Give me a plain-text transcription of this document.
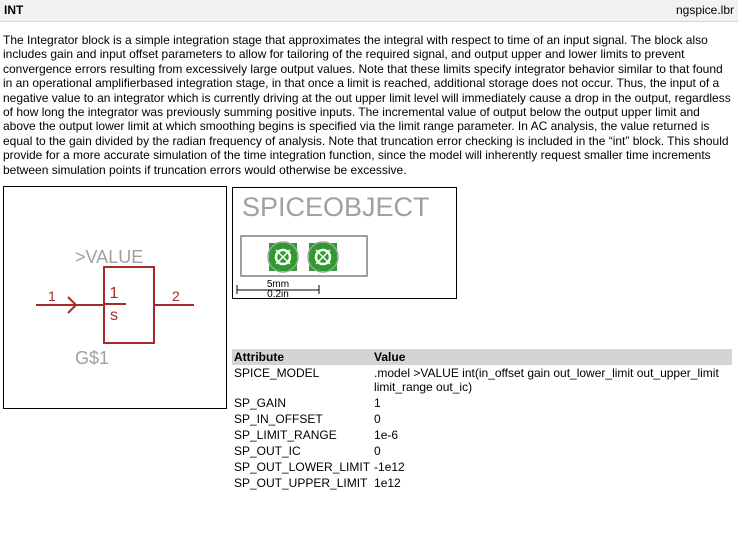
INT	ngspice.lbr

The Integrator block is a simple integration stage that approximates the integral with respect to time of an input signal. The block also includes gain and input offset parameters to allow for tailoring of the required signal, and output upper and lower limits to prevent convergence errors resulting from excessively large output values. Note that these limits specify integrator behavior similar to that found in an operational amplifierbased integration stage, in that once a limit is reached, additional storage does not occur. Thus, the input of a negative value to an integrator which is currently driving at the out upper limit level will immediately cause a drop in the output, regardless of how long the integrator was previously summing positive inputs. The incremental value of output below the output upper limit and above the output lower limit at which smoothing begins is specified via the limit range parameter. In AC analysis, the value returned is equal to the gain divided by the radian frequency of analysis. Note that truncation error checking is included in the “int” block. This should provide for a more accurate simulation of the time integration function, since the model will inherently request smaller time increments between simulation points if truncation errors would otherwise be excessive.

>VALUE
1	2
1
s
G$1
SPICEOBJECT
5mm
0.2in
Attribute	Value
SPICE_MODEL	.model >VALUE int(in_offset gain out_lower_limit out_upper_limit limit_range out_ic)
SP_GAIN	1
SP_IN_OFFSET	0
SP_LIMIT_RANGE	1e-6
SP_OUT_IC	0
SP_OUT_LOWER_LIMIT	-1e12
SP_OUT_UPPER_LIMIT	1e12
